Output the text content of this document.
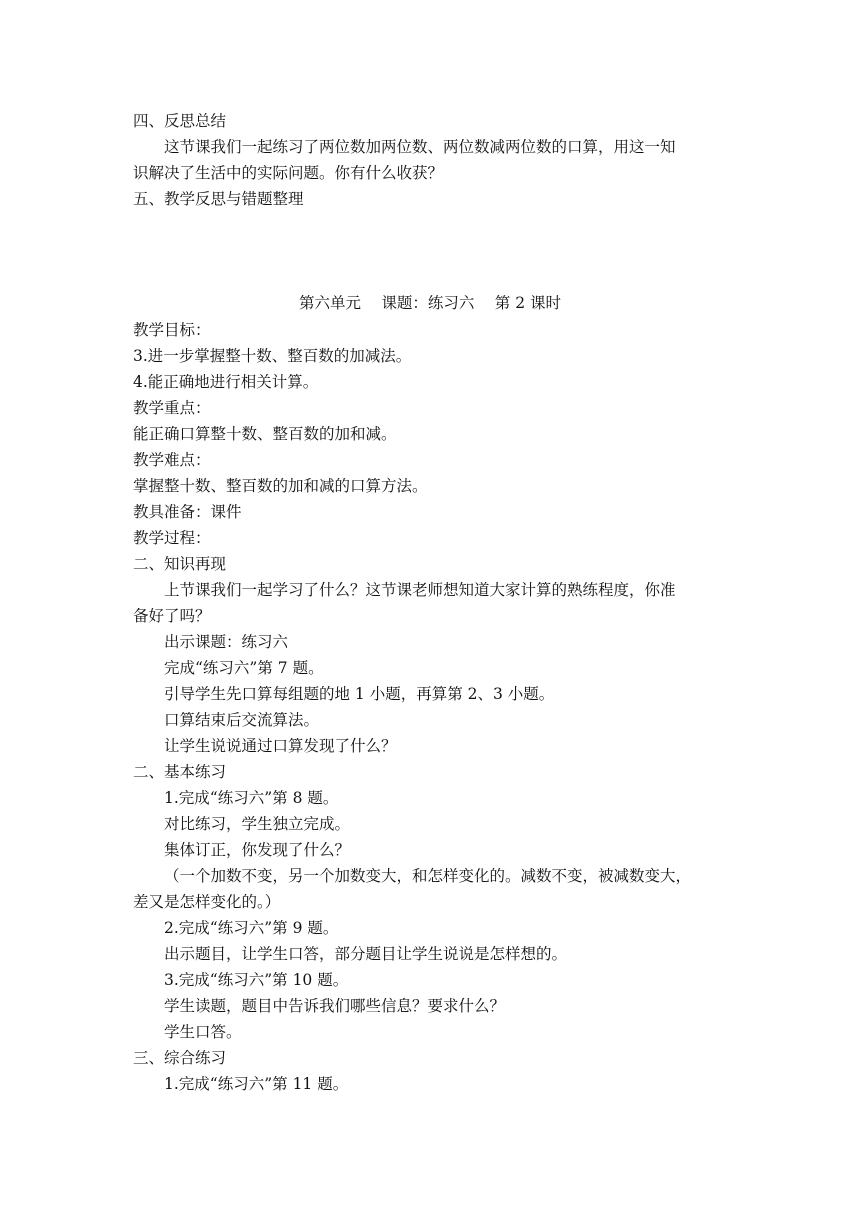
四、反思总结
这节课我们一起练习了两位数加两位数、两位数减两位数的口算，用这一知
识解决了生活中的实际问题。你有什么收获？
五、教学反思与错题整理
第六单元　 课题：练习六　 第 2 课时
教学目标：
3.进一步掌握整十数、整百数的加减法。
4.能正确地进行相关计算。
教学重点：
能正确口算整十数、整百数的加和减。
教学难点：
掌握整十数、整百数的加和减的口算方法。
教具准备：课件
教学过程：
二、知识再现
上节课我们一起学习了什么？这节课老师想知道大家计算的熟练程度，你准
备好了吗？
出示课题：练习六
完成“练习六”第 7 题。
引导学生先口算每组题的地 1 小题，再算第 2、3 小题。
口算结束后交流算法。
让学生说说通过口算发现了什么？
二、基本练习
1.完成“练习六”第 8 题。
对比练习，学生独立完成。
集体订正，你发现了什么？
（一个加数不变，另一个加数变大，和怎样变化的。减数不变，被减数变大，
差又是怎样变化的。）
2.完成“练习六”第 9 题。
出示题目，让学生口答，部分题目让学生说说是怎样想的。
3.完成“练习六”第 10 题。
学生读题，题目中告诉我们哪些信息？要求什么？
学生口答。
三、综合练习
1.完成“练习六”第 11 题。
